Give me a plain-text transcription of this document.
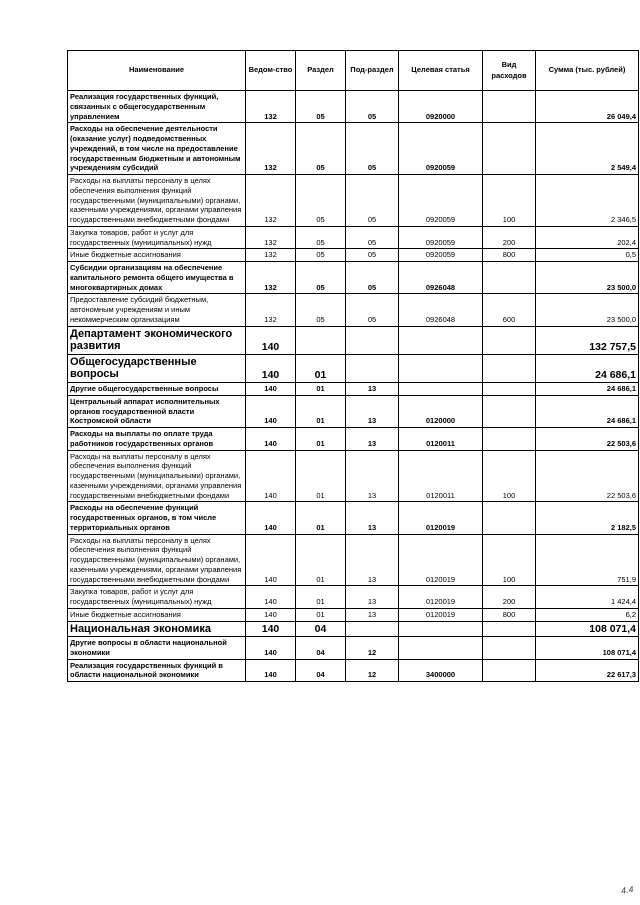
Наименование	Ведом-ство	Раздел	Под-раздел	Целевая статья	Вид расходов	Сумма (тыс. рублей)
Реализация государственных функций, связанных с общегосударственным управлением	132	05	05	0920000		26 049,4
Расходы на обеспечение деятельности (оказание услуг) подведомственных учреждений, в том числе на предоставление государственным бюджетным и автономным учреждениям субсидий	132	05	05	0920059		2 549,4
Расходы на выплаты персоналу в целях обеспечения выполнения функций государственными (муниципальными) органами, казенными учреждениями, органами управления государственными внебюджетными фондами	132	05	05	0920059	100	2 346,5
Закупка товаров, работ и услуг для государственных (муниципальных) нужд	132	05	05	0920059	200	202,4
Иные бюджетные ассигнования	132	05	05	0920059	800	0,5
Субсидии организациям на обеспечение капитального ремонта общего имущества в многоквартирных домах	132	05	05	0926048		23 500,0
Предоставление субсидий бюджетным, автономным учреждениям и иным некоммерческим организациям	132	05	05	0926048	600	23 500,0
Департамент экономического развития	140					132 757,5
Общегосударственные вопросы	140	01				24 686,1
Другие общегосударственные вопросы	140	01	13			24 686,1
Центральный аппарат исполнительных органов государственной власти Костромской области	140	01	13	0120000		24 686,1
Расходы на выплаты по оплате труда работников государственных органов	140	01	13	0120011		22 503,6
Расходы на выплаты персоналу в целях обеспечения выполнения функций государственными (муниципальными) органами, казенными учреждениями, органами управления государственными внебюджетными фондами	140	01	13	0120011	100	22 503,6
Расходы на обеспечение функций государственных органов, в том числе территориальных органов	140	01	13	0120019		2 182,5
Расходы на выплаты персоналу в целях обеспечения выполнения функций государственными (муниципальными) органами, казенными учреждениями, органами управления государственными внебюджетными фондами	140	01	13	0120019	100	751,9
Закупка товаров, работ и услуг для государственных (муниципальных) нужд	140	01	13	0120019	200	1 424,4
Иные бюджетные ассигнования	140	01	13	0120019	800	6,2
Национальная экономика	140	04				108 071,4
Другие вопросы в области национальной экономики	140	04	12			108 071,4
Реализация государственных функций в области национальной экономики	140	04	12	3400000		22 617,3
4.4
